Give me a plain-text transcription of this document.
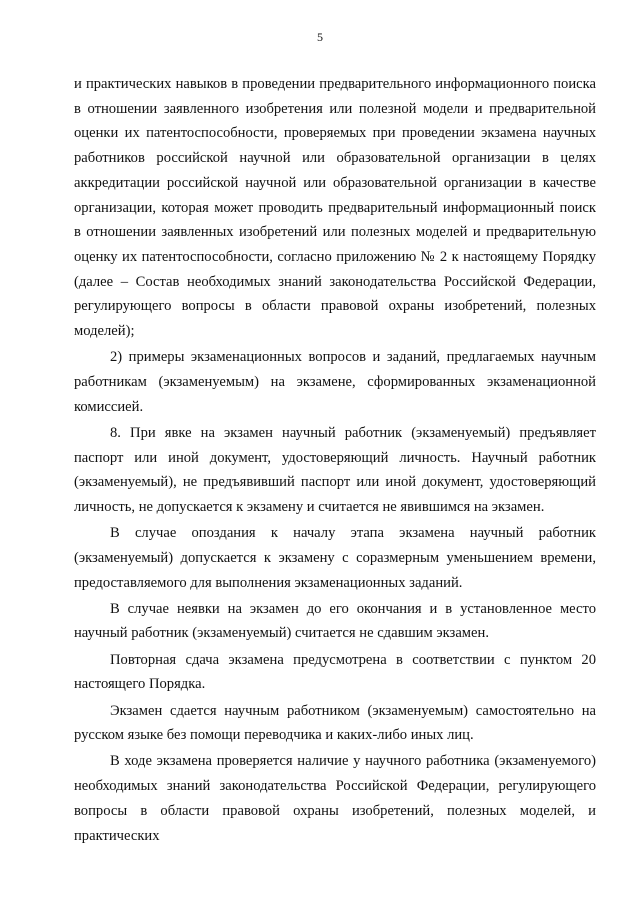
5

и практических навыков в проведении предварительного информационного поиска в отношении заявленного изобретения или полезной модели и предварительной оценки их патентоспособности, проверяемых при проведении экзамена научных работников российской научной или образовательной организации в целях аккредитации российской научной или образовательной организации в качестве организации, которая может проводить предварительный информационный поиск в отношении заявленных изобретений или полезных моделей и предварительную оценку их патентоспособности, согласно приложению № 2 к настоящему Порядку (далее – Состав необходимых знаний законодательства Российской Федерации, регулирующего вопросы в области правовой охраны изобретений, полезных моделей);

2) примеры экзаменационных вопросов и заданий, предлагаемых научным работникам (экзаменуемым) на экзамене, сформированных экзаменационной комиссией.

8. При явке на экзамен научный работник (экзаменуемый) предъявляет паспорт или иной документ, удостоверяющий личность. Научный работник (экзаменуемый), не предъявивший паспорт или иной документ, удостоверяющий личность, не допускается к экзамену и считается не явившимся на экзамен.

В случае опоздания к началу этапа экзамена научный работник (экзаменуемый) допускается к экзамену с соразмерным уменьшением времени, предоставляемого для выполнения экзаменационных заданий.

В случае неявки на экзамен до его окончания и в установленное место научный работник (экзаменуемый) считается не сдавшим экзамен.

Повторная сдача экзамена предусмотрена в соответствии с пунктом 20 настоящего Порядка.

Экзамен сдается научным работником (экзаменуемым) самостоятельно на русском языке без помощи переводчика и каких-либо иных лиц.

В ходе экзамена проверяется наличие у научного работника (экзаменуемого) необходимых знаний законодательства Российской Федерации, регулирующего вопросы в области правовой охраны изобретений, полезных моделей, и практических
